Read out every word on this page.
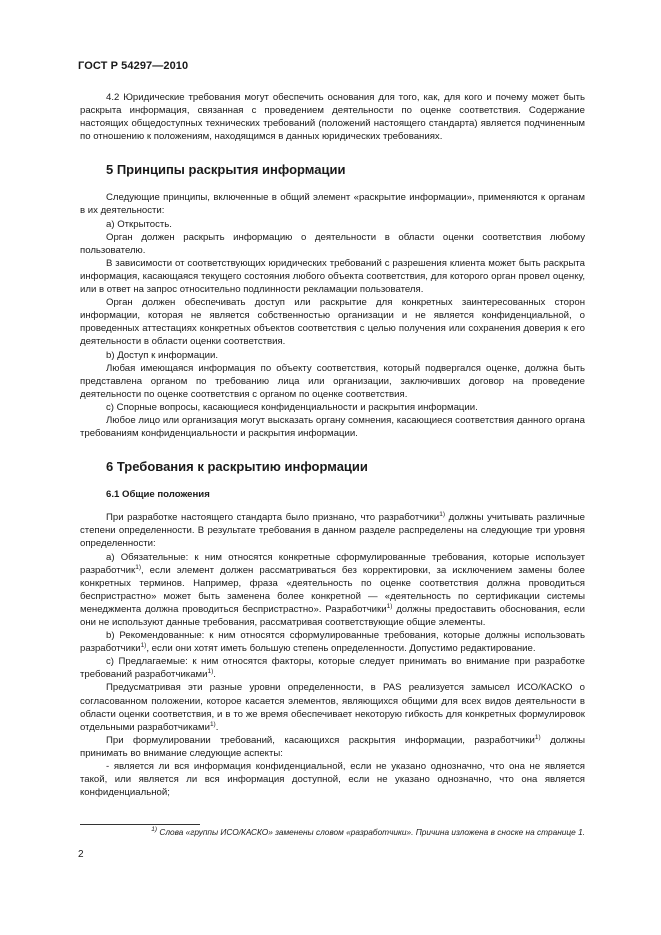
ГОСТ Р 54297—2010

4.2 Юридические требования могут обеспечить основания для того, как, для кого и почему может быть раскрыта информация, связанная с проведением деятельности по оценке соответствия. Содержание настоящих общедоступных технических требований (положений настоящего стандарта) является подчиненным по отношению к положениям, находящимся в данных юридических требованиях.

5 Принципы раскрытия информации

Следующие принципы, включенные в общий элемент «раскрытие информации», применяются к органам в их деятельности:

а) Открытость.

Орган должен раскрыть информацию о деятельности в области оценки соответствия любому пользователю.

В зависимости от соответствующих юридических требований с разрешения клиента может быть раскрыта информация, касающаяся текущего состояния любого объекта соответствия, для которого орган провел оценку, или в ответ на запрос относительно подлинности рекламации пользователя.

Орган должен обеспечивать доступ или раскрытие для конкретных заинтересованных сторон информации, которая не является собственностью организации и не является конфиденциальной, о проведенных аттестациях конкретных объектов соответствия с целью получения или сохранения доверия к его деятельности в области оценки соответствия.

b) Доступ к информации.

Любая имеющаяся информация по объекту соответствия, который подвергался оценке, должна быть представлена органом по требованию лица или организации, заключивших договор на проведение деятельности по оценке соответствия с органом по оценке соответствия.

с) Спорные вопросы, касающиеся конфиденциальности и раскрытия информации.

Любое лицо или организация могут высказать органу сомнения, касающиеся соответствия данного органа требованиям конфиденциальности и раскрытия информации.

6 Требования к раскрытию информации
6.1 Общие положения

При разработке настоящего стандарта было признано, что разработчики$^{1)}$ должны учитывать различные степени определенности. В результате требования в данном разделе распределены на следующие три уровня определенности:

а) Обязательные: к ним относятся конкретные сформулированные требования, которые использует разработчик$^{1)}$, если элемент должен рассматриваться без корректировки, за исключением замены более конкретных терминов. Например, фраза «деятельность по оценке соответствия должна проводиться беспристрастно» может быть заменена более конкретной — «деятельность по сертификации системы менеджмента должна проводиться беспристрастно». Разработчики$^{1)}$ должны предоставить обоснования, если они не используют данные требования, рассматривая соответствующие общие элементы.

b) Рекомендованные: к ним относятся сформулированные требования, которые должны использовать разработчики$^{1)}$, если они хотят иметь большую степень определенности. Допустимо редактирование.

с) Предлагаемые: к ним относятся факторы, которые следует принимать во внимание при разработке требований разработчиками$^{1)}$.

Предусматривая эти разные уровни определенности, в PAS реализуется замысел ИСО/КАСКО о согласованном положении, которое касается элементов, являющихся общими для всех видов деятельности в области оценки соответствия, и в то же время обеспечивает некоторую гибкость для конкретных формулировок отдельными разработчиками$^{1)}$.

При формулировании требований, касающихся раскрытия информации, разработчики$^{1)}$ должны принимать во внимание следующие аспекты:

- является ли вся информация конфиденциальной, если не указано однозначно, что она не является такой, или является ли вся информация доступной, если не указано однозначно, что она является конфиденциальной;

$^{1)}$ Слова «группы ИСО/КАСКО» заменены словом «разработчики». Причина изложена в сноске на странице 1.
2
